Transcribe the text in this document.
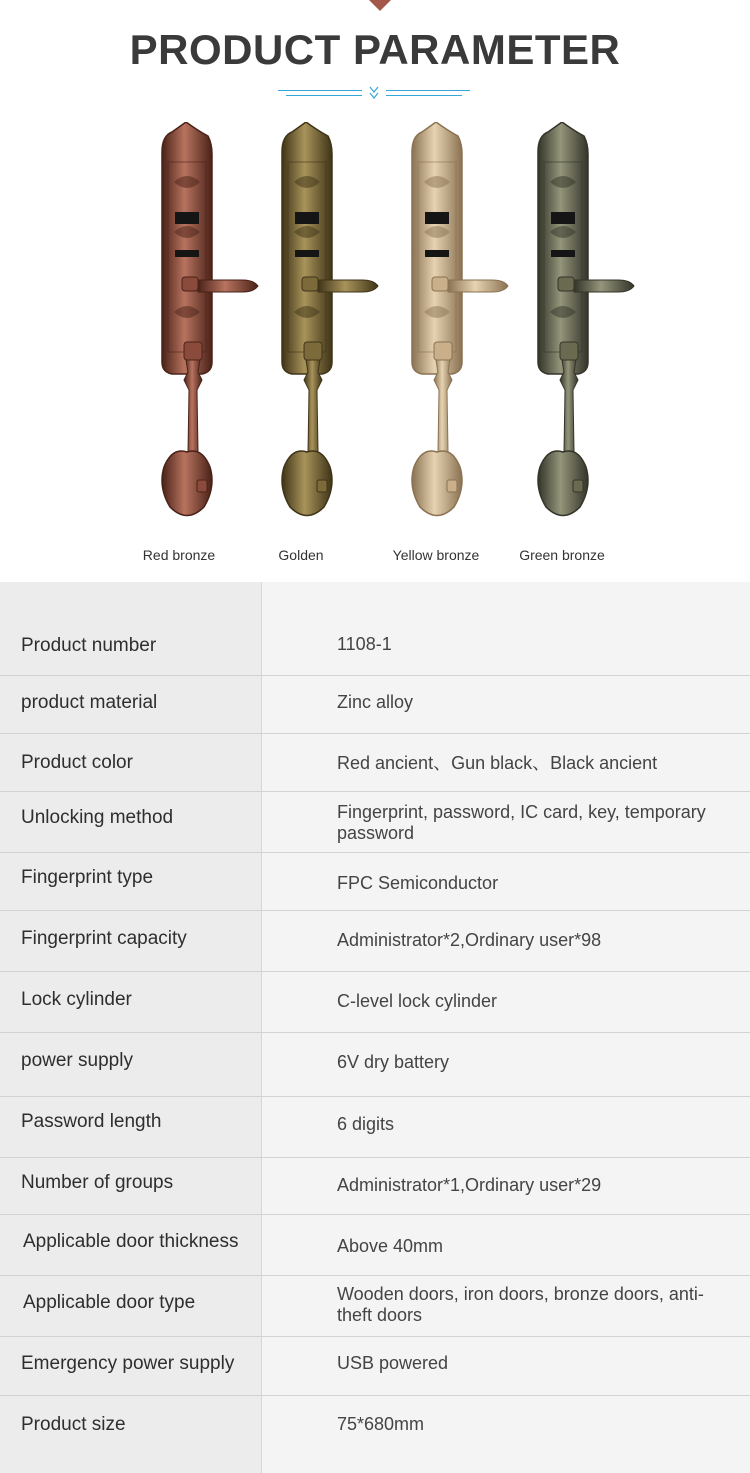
PRODUCT PARAMETER
Red bronze	Golden	Yellow bronze	Green bronze
Product number	1108-1
product material	Zinc alloy
Product color	Red ancient、Gun black、Black ancient
Unlocking method	Fingerprint, password, IC card, key, temporary password
Fingerprint type	FPC Semiconductor
Fingerprint capacity	Administrator*2,Ordinary user*98
Lock cylinder	C-level lock cylinder
power supply	6V dry battery
Password length	6 digits
Number of groups	Administrator*1,Ordinary user*29
Applicable door thickness	Above 40mm
Applicable door type	Wooden doors, iron doors, bronze doors, anti-theft doors
Emergency power supply	USB powered
Product size	75*680mm
